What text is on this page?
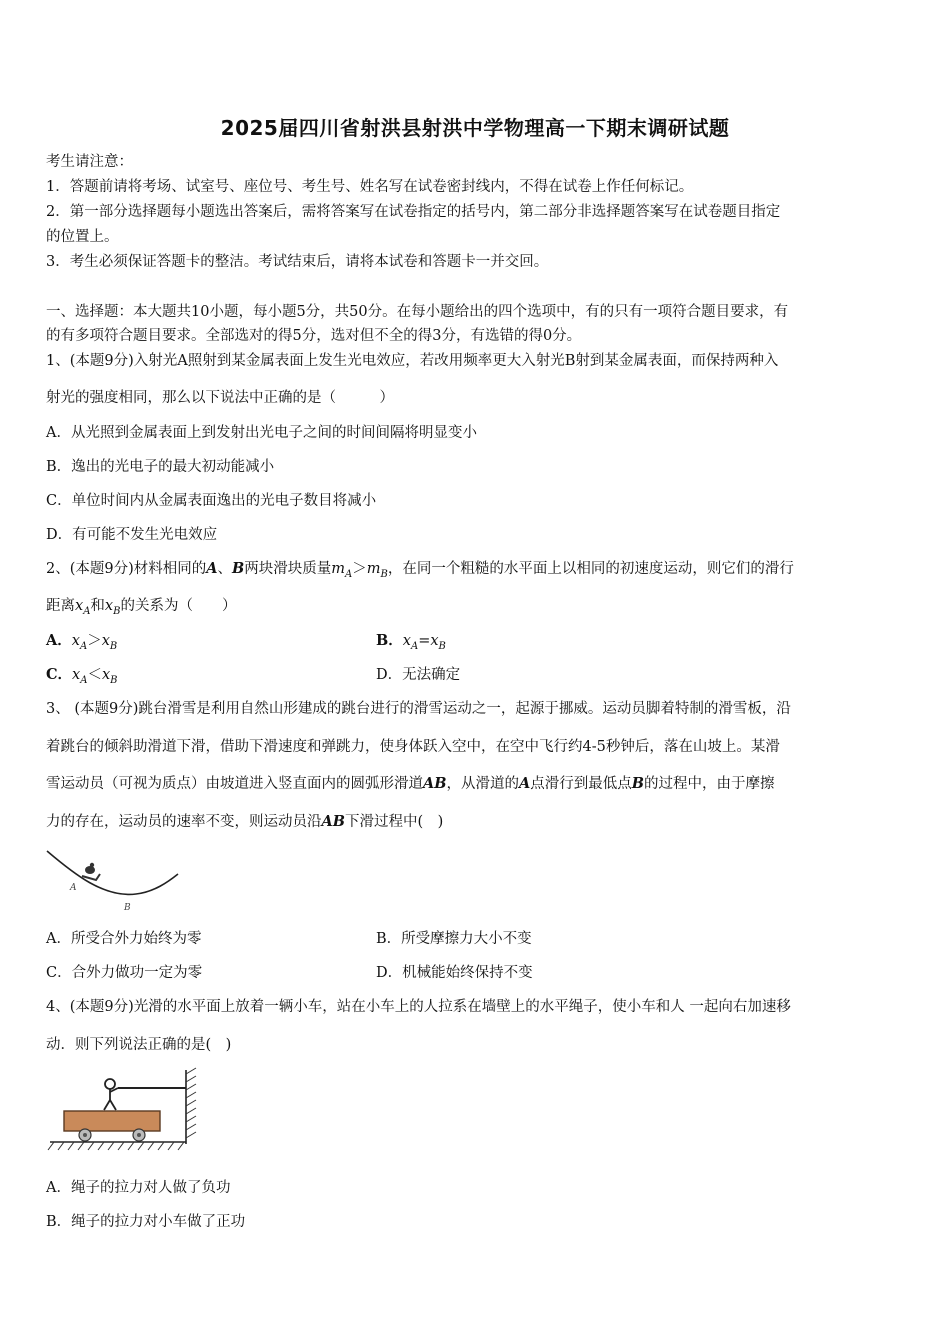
2025届四川省射洪县射洪中学物理高一下期末调研试题
考生请注意：
1．答题前请将考场、试室号、座位号、考生号、姓名写在试卷密封线内，不得在试卷上作任何标记。
2．第一部分选择题每小题选出答案后，需将答案写在试卷指定的括号内，第二部分非选择题答案写在试卷题目指定
的位置上。
3．考生必须保证答题卡的整洁。考试结束后，请将本试卷和答题卡一并交回。
一、选择题：本大题共10小题，每小题5分，共50分。在每小题给出的四个选项中，有的只有一项符合题目要求，有
的有多项符合题目要求。全部选对的得5分，选对但不全的得3分，有选错的得0分。
1、(本题9分)入射光A照射到某金属表面上发生光电效应，若改用频率更大入射光B射到某金属表面，而保持两种入
射光的强度相同，那么以下说法中正确的是（　　　）
A．从光照到金属表面上到发射出光电子之间的时间间隔将明显变小
B．逸出的光电子的最大初动能减小
C．单位时间内从金属表面逸出的光电子数目将减小
D．有可能不发生光电效应
2、(本题9分)材料相同的A、B两块滑块质量$m_A>m_B$，在同一个粗糙的水平面上以相同的初速度运动，则它们的滑行
距离$x_A$和$x_B$的关系为（　　）
A．$x_A>x_B$	B．$x_A=x_B$
C．$x_A<x_B$	D．无法确定
3、 (本题9分)跳台滑雪是利用自然山形建成的跳台进行的滑雪运动之一，起源于挪威。运动员脚着特制的滑雪板，沿
着跳台的倾斜助滑道下滑，借助下滑速度和弹跳力，使身体跃入空中，在空中飞行约4-5秒钟后，落在山坡上。某滑
雪运动员（可视为质点）由坡道进入竖直面内的圆弧形滑道AB，从滑道的A点滑行到最低点B的过程中，由于摩擦
力的存在，运动员的速率不变，则运动员沿AB下滑过程中(　)
A
B
A．所受合外力始终为零	B．所受摩擦力大小不变
C．合外力做功一定为零	D．机械能始终保持不变
4、(本题9分)光滑的水平面上放着一辆小车，站在小车上的人拉系在墙壁上的水平绳子，使小车和人 一起向右加速移
动．则下列说法正确的是(　)
A．绳子的拉力对人做了负功
B．绳子的拉力对小车做了正功
